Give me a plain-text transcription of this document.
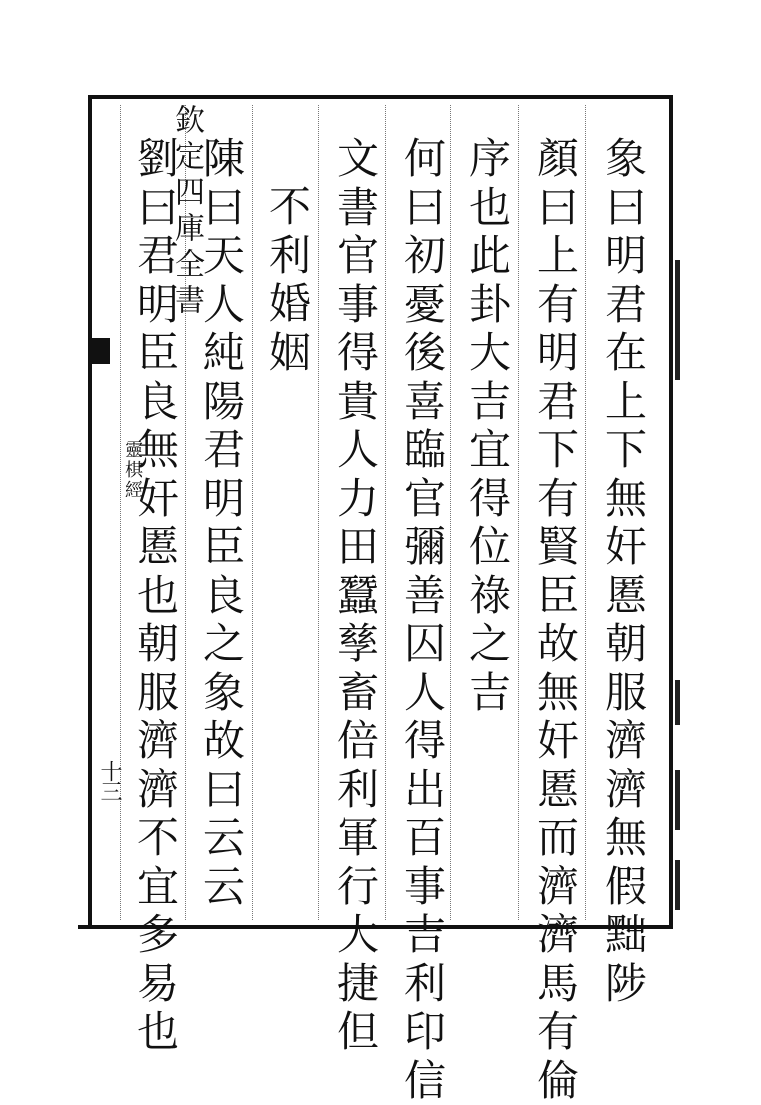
欽定四庫全書
靈棋經
十三
象
曰
明
君
在
上
下
無
奸
慝
朝
服
濟
濟
無
假
黜
陟
顏
曰
上
有
明
君
下
有
賢
臣
故
無
奸
慝
而
濟
濟
馬
有
倫
序
也
此
卦
大
吉
宜
得
位
祿
之
吉
何
曰
初
憂
後
喜
臨
官
彌
善
囚
人
得
出
百
事
吉
利
印
信
文
書
官
事
得
貴
人
力
田
蠶
孳
畜
倍
利
軍
行
大
捷
但
不
利
婚
姻
陳
曰
天
人
純
陽
君
明
臣
良
之
象
故
曰
云
云
劉
曰
君
明
臣
良
無
奸
慝
也
朝
服
濟
濟
不
宜
多
易
也
